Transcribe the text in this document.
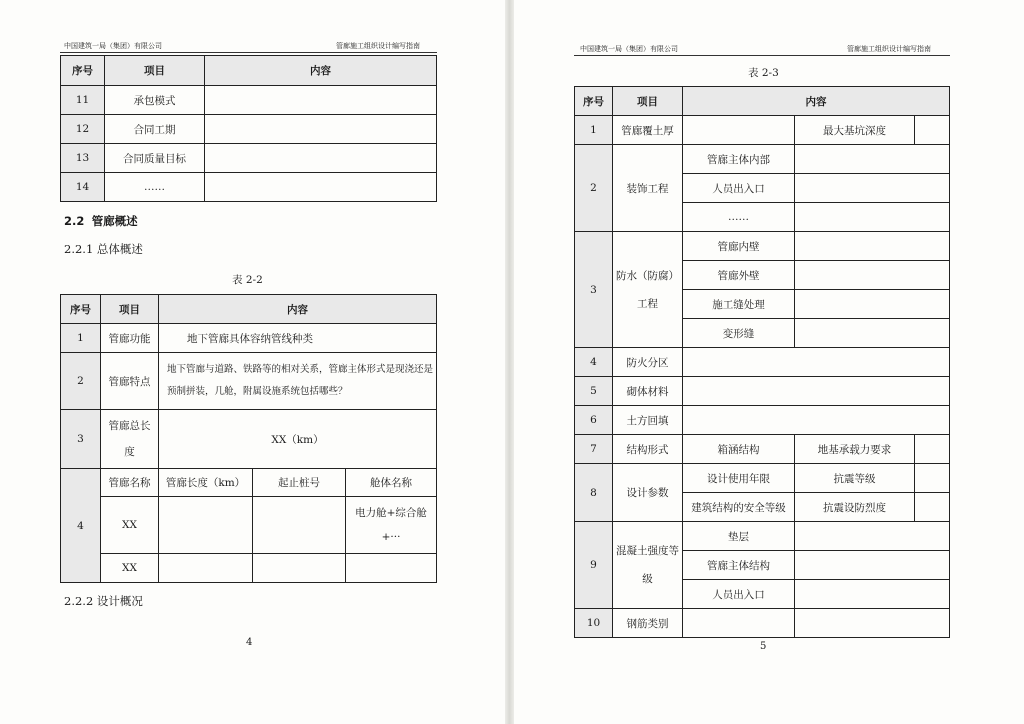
中国建筑一局（集团）有限公司	管廊施工组织设计编写指南
序号	项目	内容
11	承包模式	
12	合同工期	
13	合同质量目标	
14	……	
2.2 管廊概述
2.2.1 总体概述
表 2-2
序号	项目	内容		
1	管廊功能	地下管廊具体容纳管线种类		
2	管廊特点	地下管廊与道路、铁路等的相对关系，管廊主体形式是现浇还是预制拼装，几舱，附属设施系统包括哪些？		
3	管廊总长度	XX（km）		
4	管廊名称	管廊长度（km）	起止桩号	舱体名称
	XX			电力舱+综合舱+···
	XX			
2.2.2 设计概况
4
中国建筑一局（集团）有限公司	管廊施工组织设计编写指南
表 2-3
序号	项目	内容		
1	管廊覆土厚		最大基坑深度	
2	装饰工程	管廊主体内部		
		人员出入口		
		……		
3	防水（防腐）工程	管廊内壁		
		管廊外壁		
		施工缝处理		
		变形缝		
4	防火分区			
5	砌体材料			
6	土方回填			
7	结构形式	箱涵结构	地基承载力要求	
8	设计参数	设计使用年限	抗震等级	
		建筑结构的安全等级	抗震设防烈度	
9	混凝土强度等级	垫层		
		管廊主体结构		
		人员出入口		
10	钢筋类别			
5
